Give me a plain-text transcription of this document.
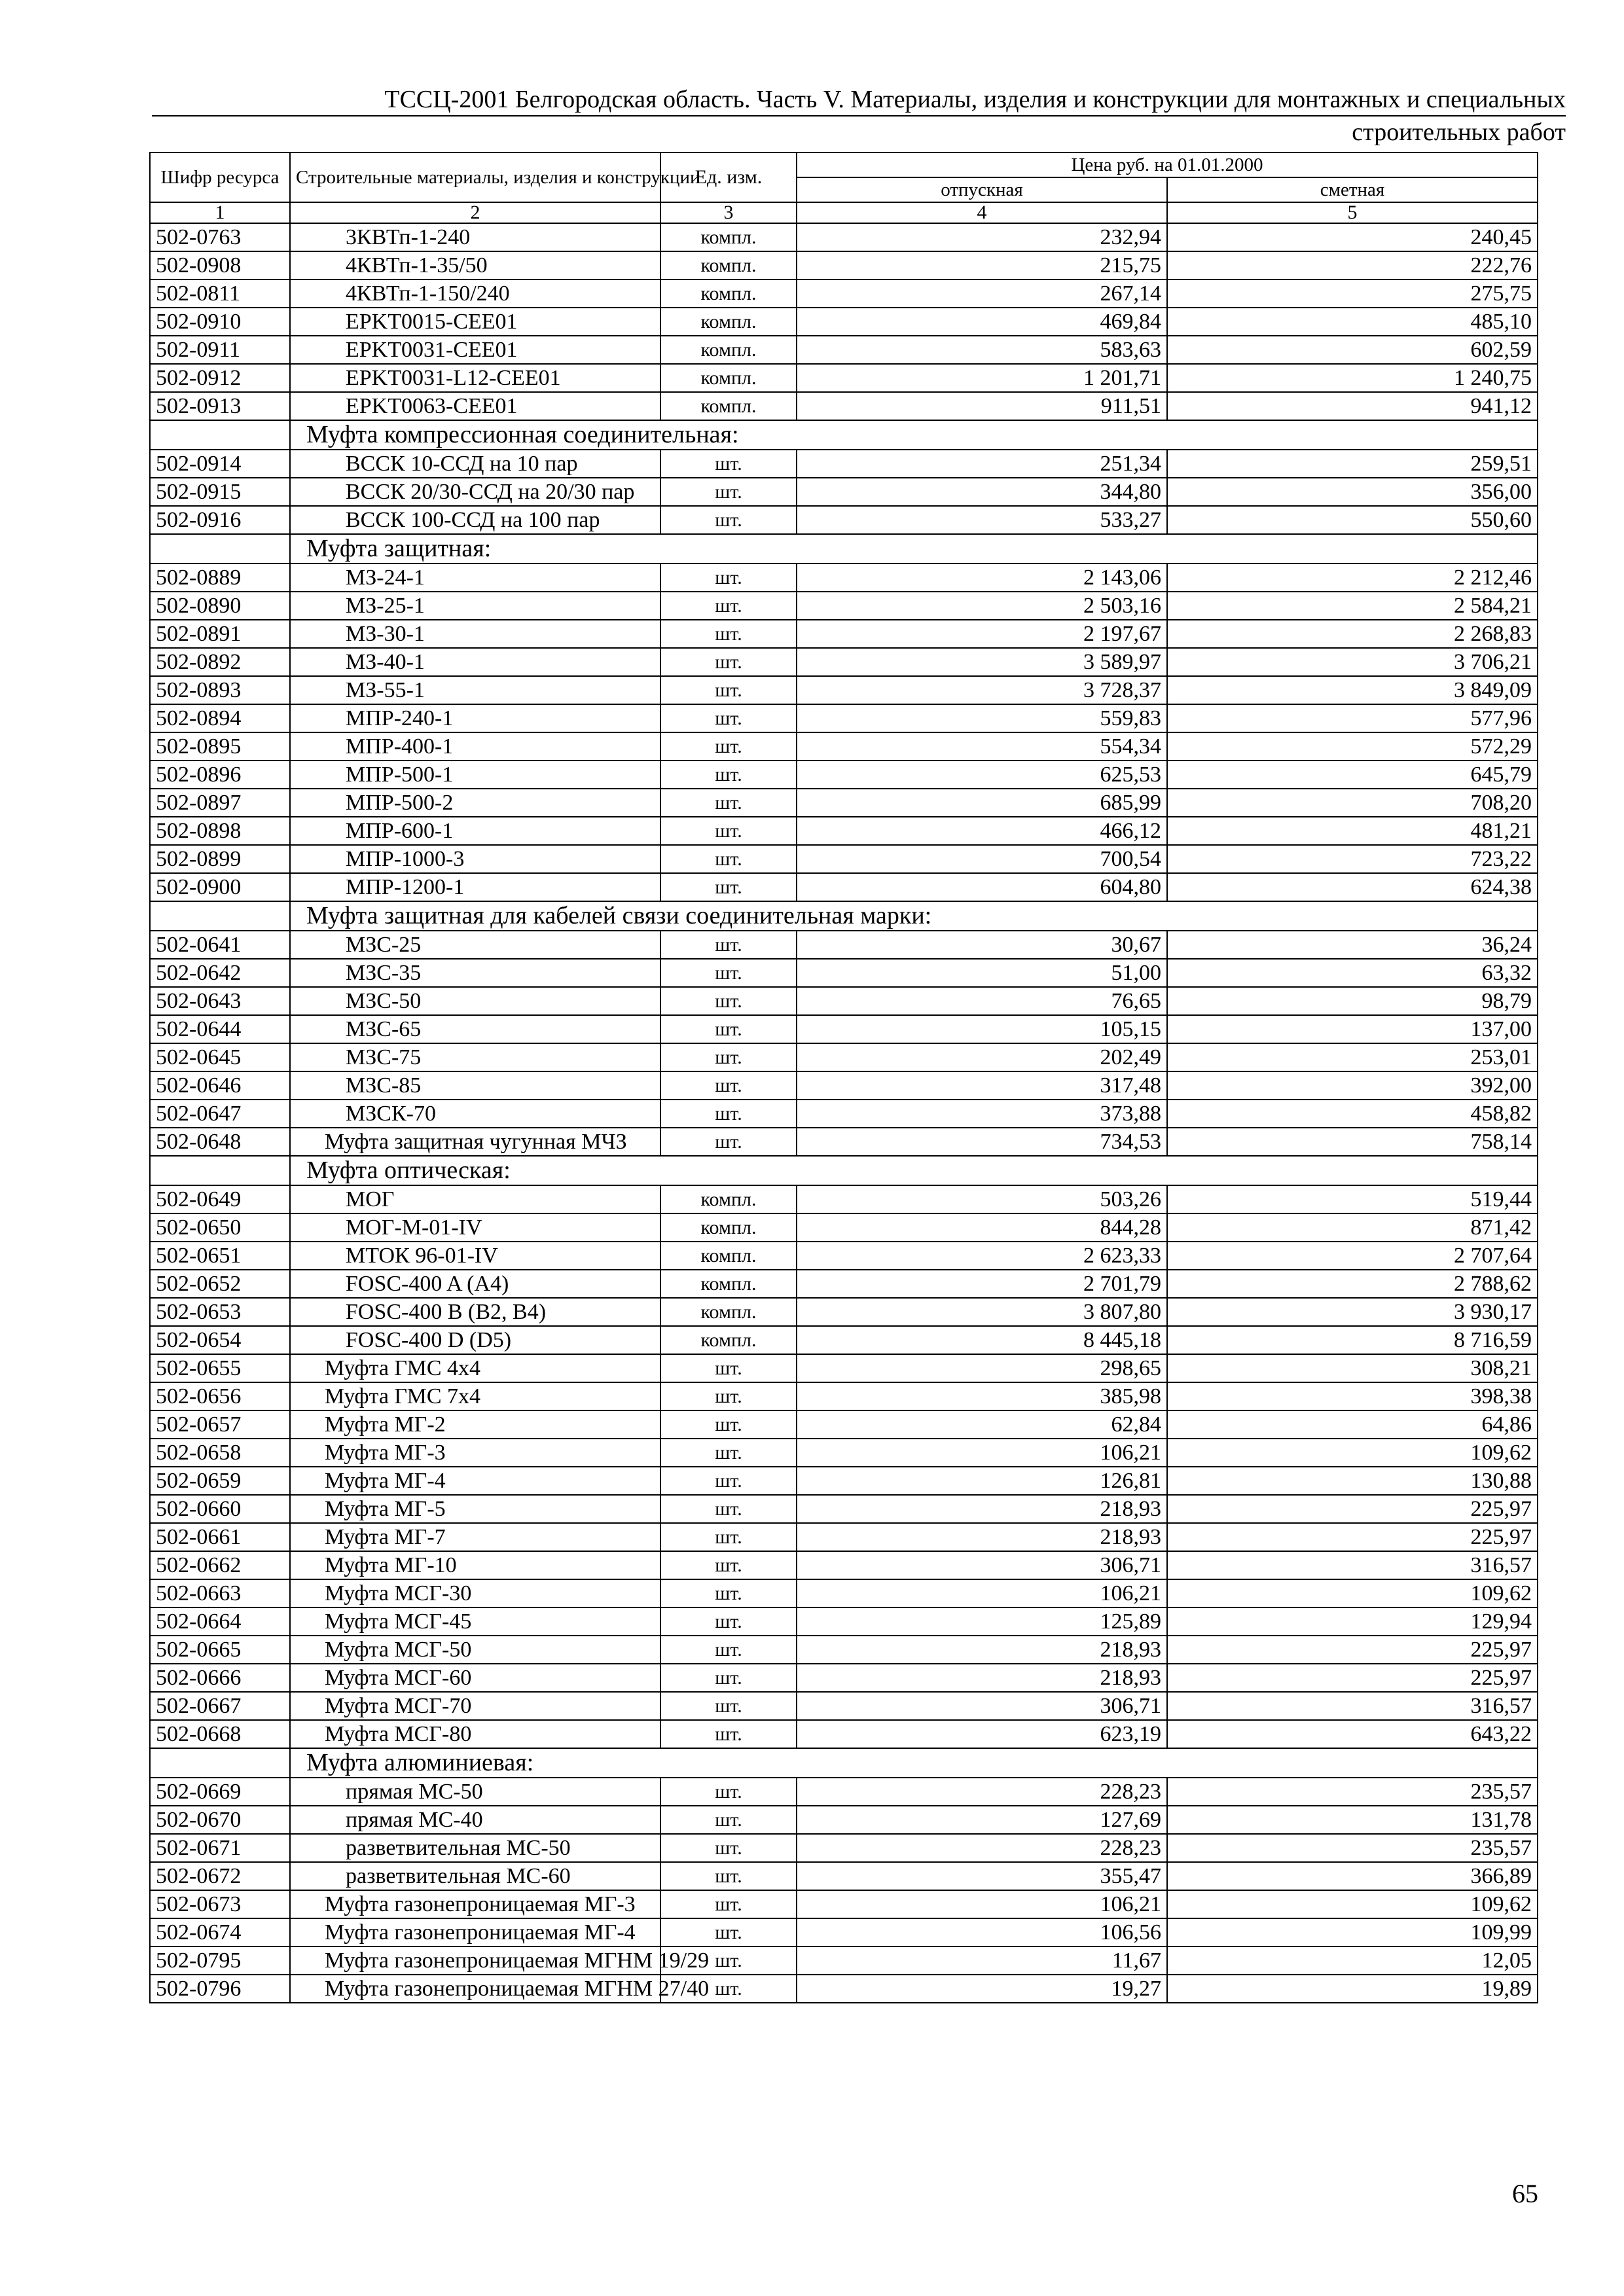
ТССЦ-2001 Белгородская область. Часть V. Материалы, изделия и конструкции для монтажных и специальных
строительных работ
Шифр ресурса	Строительные материалы, изделия и конструкции	Ед. изм.	Цена руб. на 01.01.2000	
			отпускная	сметная
1	2	3	4	5
502-0763	3КВТп-1-240	компл.	232,94	240,45
502-0908	4КВТп-1-35/50	компл.	215,75	222,76
502-0811	4КВТп-1-150/240	компл.	267,14	275,75
502-0910	EPKT0015-CEE01	компл.	469,84	485,10
502-0911	EPKT0031-CEE01	компл.	583,63	602,59
502-0912	EPKT0031-L12-CEE01	компл.	1 201,71	1 240,75
502-0913	EPKT0063-CEE01	компл.	911,51	941,12
	Муфта компрессионная соединительная:			
502-0914	ВССК 10-ССД на 10 пар	шт.	251,34	259,51
502-0915	ВССК 20/30-ССД на 20/30 пар	шт.	344,80	356,00
502-0916	ВССК 100-ССД на 100 пар	шт.	533,27	550,60
	Муфта защитная:			
502-0889	МЗ-24-1	шт.	2 143,06	2 212,46
502-0890	МЗ-25-1	шт.	2 503,16	2 584,21
502-0891	МЗ-30-1	шт.	2 197,67	2 268,83
502-0892	МЗ-40-1	шт.	3 589,97	3 706,21
502-0893	МЗ-55-1	шт.	3 728,37	3 849,09
502-0894	МПР-240-1	шт.	559,83	577,96
502-0895	МПР-400-1	шт.	554,34	572,29
502-0896	МПР-500-1	шт.	625,53	645,79
502-0897	МПР-500-2	шт.	685,99	708,20
502-0898	МПР-600-1	шт.	466,12	481,21
502-0899	МПР-1000-3	шт.	700,54	723,22
502-0900	МПР-1200-1	шт.	604,80	624,38
	Муфта защитная для кабелей связи соединительная марки:			
502-0641	МЗС-25	шт.	30,67	36,24
502-0642	МЗС-35	шт.	51,00	63,32
502-0643	МЗС-50	шт.	76,65	98,79
502-0644	МЗС-65	шт.	105,15	137,00
502-0645	МЗС-75	шт.	202,49	253,01
502-0646	МЗС-85	шт.	317,48	392,00
502-0647	МЗСК-70	шт.	373,88	458,82
502-0648	Муфта защитная чугунная МЧЗ	шт.	734,53	758,14
	Муфта оптическая:			
502-0649	МОГ	компл.	503,26	519,44
502-0650	МОГ-М-01-IV	компл.	844,28	871,42
502-0651	МТОК 96-01-IV	компл.	2 623,33	2 707,64
502-0652	FOSC-400 A (A4)	компл.	2 701,79	2 788,62
502-0653	FOSC-400 B (B2, B4)	компл.	3 807,80	3 930,17
502-0654	FOSC-400 D (D5)	компл.	8 445,18	8 716,59
502-0655	Муфта ГМС 4х4	шт.	298,65	308,21
502-0656	Муфта ГМС 7х4	шт.	385,98	398,38
502-0657	Муфта МГ-2	шт.	62,84	64,86
502-0658	Муфта МГ-3	шт.	106,21	109,62
502-0659	Муфта МГ-4	шт.	126,81	130,88
502-0660	Муфта МГ-5	шт.	218,93	225,97
502-0661	Муфта МГ-7	шт.	218,93	225,97
502-0662	Муфта МГ-10	шт.	306,71	316,57
502-0663	Муфта МСГ-30	шт.	106,21	109,62
502-0664	Муфта МСГ-45	шт.	125,89	129,94
502-0665	Муфта МСГ-50	шт.	218,93	225,97
502-0666	Муфта МСГ-60	шт.	218,93	225,97
502-0667	Муфта МСГ-70	шт.	306,71	316,57
502-0668	Муфта МСГ-80	шт.	623,19	643,22
	Муфта алюминиевая:			
502-0669	прямая МС-50	шт.	228,23	235,57
502-0670	прямая МС-40	шт.	127,69	131,78
502-0671	разветвительная МС-50	шт.	228,23	235,57
502-0672	разветвительная МС-60	шт.	355,47	366,89
502-0673	Муфта газонепроницаемая МГ-3	шт.	106,21	109,62
502-0674	Муфта газонепроницаемая МГ-4	шт.	106,56	109,99
502-0795	Муфта газонепроницаемая МГНМ 19/29	шт.	11,67	12,05
502-0796	Муфта газонепроницаемая МГНМ 27/40	шт.	19,27	19,89
65
